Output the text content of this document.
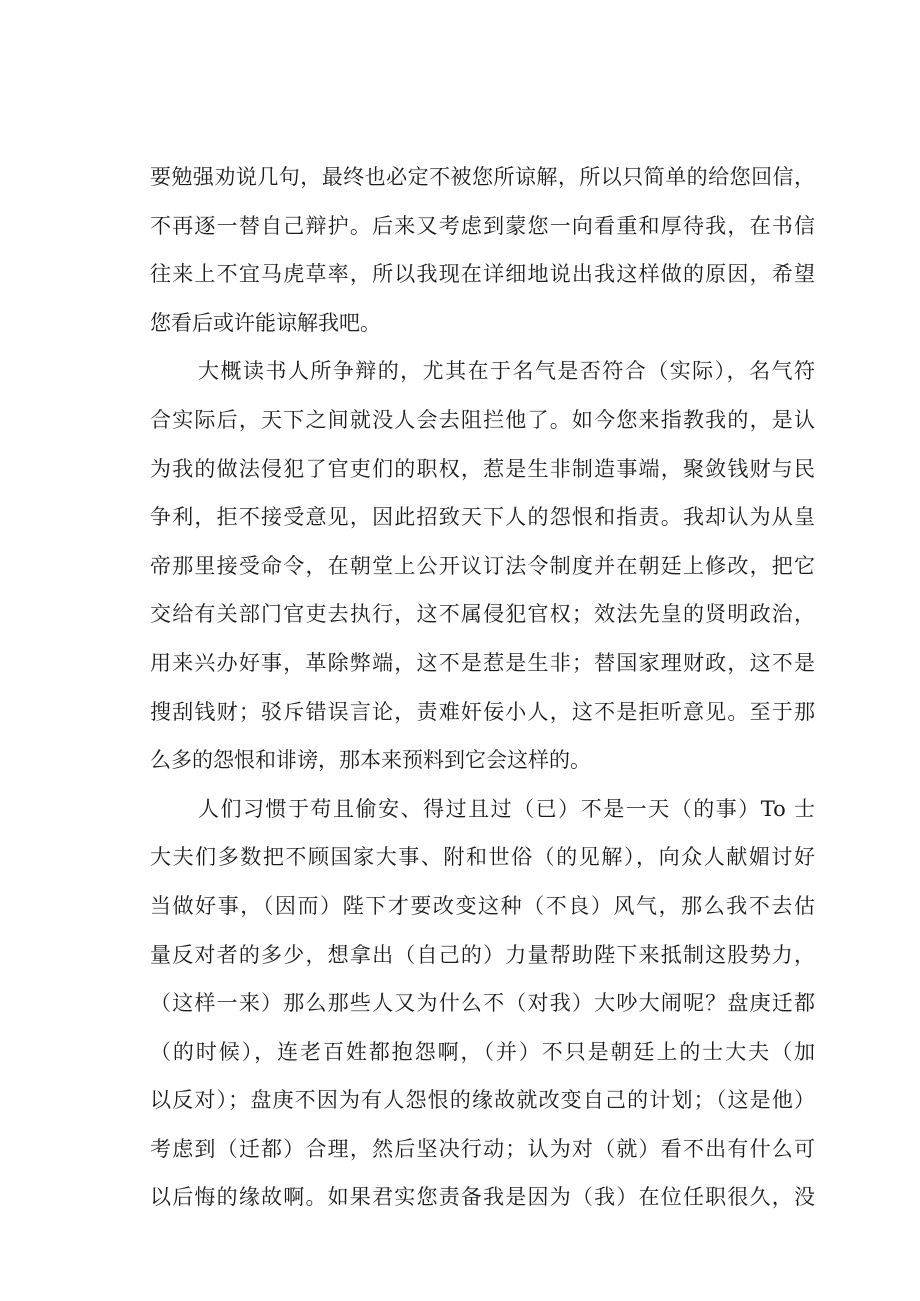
要勉强劝说几句，最终也必定不被您所谅解，所以只简单的给您回信，
不再逐一替自己辩护。后来又考虑到蒙您一向看重和厚待我，在书信
往来上不宜马虎草率，所以我现在详细地说出我这样做的原因，希望
您看后或许能谅解我吧。
大概读书人所争辩的，尤其在于名气是否符合（实际），名气符
合实际后，天下之间就没人会去阻拦他了。如今您来指教我的，是认
为我的做法侵犯了官吏们的职权，惹是生非制造事端，聚敛钱财与民
争利，拒不接受意见，因此招致天下人的怨恨和指责。我却认为从皇
帝那里接受命令，在朝堂上公开议订法令制度并在朝廷上修改，把它
交给有关部门官吏去执行，这不属侵犯官权；效法先皇的贤明政治，
用来兴办好事，革除弊端，这不是惹是生非；替国家理财政，这不是
搜刮钱财；驳斥错误言论，责难奸佞小人，这不是拒听意见。至于那
么多的怨恨和诽谤，那本来预料到它会这样的。
人们习惯于苟且偷安、得过且过（已）不是一天（的事）To 士
大夫们多数把不顾国家大事、附和世俗（的见解），向众人献媚讨好
当做好事，（因而）陛下才要改变这种（不良）风气，那么我不去估
量反对者的多少，想拿出（自己的）力量帮助陛下来抵制这股势力，
（这样一来）那么那些人又为什么不（对我）大吵大闹呢？盘庚迁都
（的时候），连老百姓都抱怨啊，（并）不只是朝廷上的士大夫（加
以反对）；盘庚不因为有人怨恨的缘故就改变自己的计划；（这是他）
考虑到（迁都）合理，然后坚决行动；认为对（就）看不出有什么可
以后悔的缘故啊。如果君实您责备我是因为（我）在位任职很久，没
